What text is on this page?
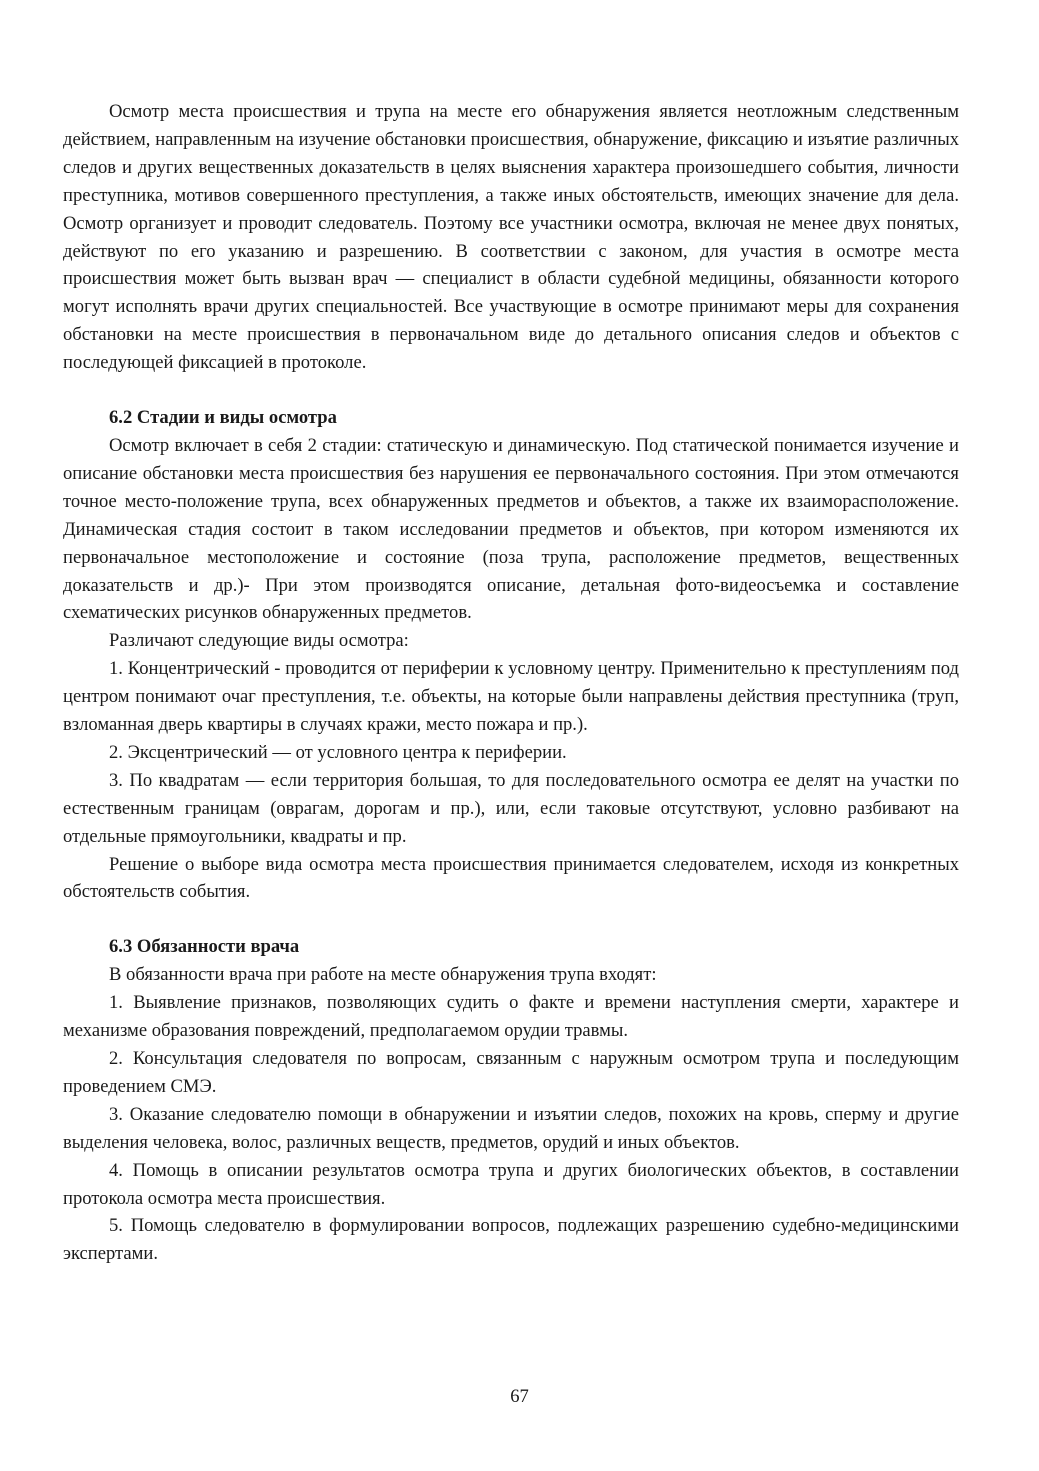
Осмотр места происшествия и трупа на месте его обнаружения является неотложным следственным действием, направленным на изучение обстановки происшествия, обнаружение, фиксацию и изъятие различных следов и других вещественных доказательств в целях выяснения характера произошедшего события, личности преступника, мотивов совершенного преступления, а также иных обстоятельств, имеющих значение для дела. Осмотр организует и проводит следователь. Поэтому все участники осмотра, включая не менее двух понятых, действуют по его указанию и разрешению. В соответствии с законом, для участия в осмотре места происшествия может быть вызван врач — специалист в области судебной медицины, обязанности которого могут исполнять врачи других специальностей. Все участвующие в осмотре принимают меры для сохранения обстановки на месте происшествия в первоначальном виде до детального описания следов и объектов с последующей фиксацией в протоколе.

6.2 Стадии и виды осмотра

Осмотр включает в себя 2 стадии: статическую и динамическую. Под статической понимается изучение и описание обстановки места происшествия без нарушения ее первоначального состояния. При этом отмечаются точное место-положение трупа, всех обнаруженных предметов и объектов, а также их взаиморасположение. Динамическая стадия состоит в таком исследовании предметов и объектов, при котором изменяются их первоначальное местоположение и состояние (поза трупа, расположение предметов, вещественных доказательств и др.)- При этом производятся описание, детальная фото-видеосъемка и составление схематических рисунков обнаруженных предметов.

Различают следующие виды осмотра:

1. Концентрический - проводится от периферии к условному центру. Применительно к преступлениям под центром понимают очаг преступления, т.е. объекты, на которые были направлены действия преступника (труп, взломанная дверь квартиры в случаях кражи, место пожара и пр.).

2. Эксцентрический — от условного центра к периферии.

3. По квадратам — если территория большая, то для последовательного осмотра ее делят на участки по естественным границам (оврагам, дорогам и пр.), или, если таковые отсутствуют, условно разбивают на отдельные прямоугольники, квадраты и пр.

Решение о выборе вида осмотра места происшествия принимается следователем, исходя из конкретных обстоятельств события.

6.3 Обязанности врача

В обязанности врача при работе на месте обнаружения трупа входят:

1. Выявление признаков, позволяющих судить о факте и времени наступления смерти, характере и механизме образования повреждений, предполагаемом орудии травмы.

2. Консультация следователя по вопросам, связанным с наружным осмотром трупа и последующим проведением СМЭ.

3. Оказание следователю помощи в обнаружении и изъятии следов, похожих на кровь, сперму и другие выделения человека, волос, различных веществ, предметов, орудий и иных объектов.

4. Помощь в описании результатов осмотра трупа и других биологических объектов, в составлении протокола осмотра места происшествия.

5. Помощь следователю в формулировании вопросов, подлежащих разрешению судебно-медицинскими экспертами.

67
